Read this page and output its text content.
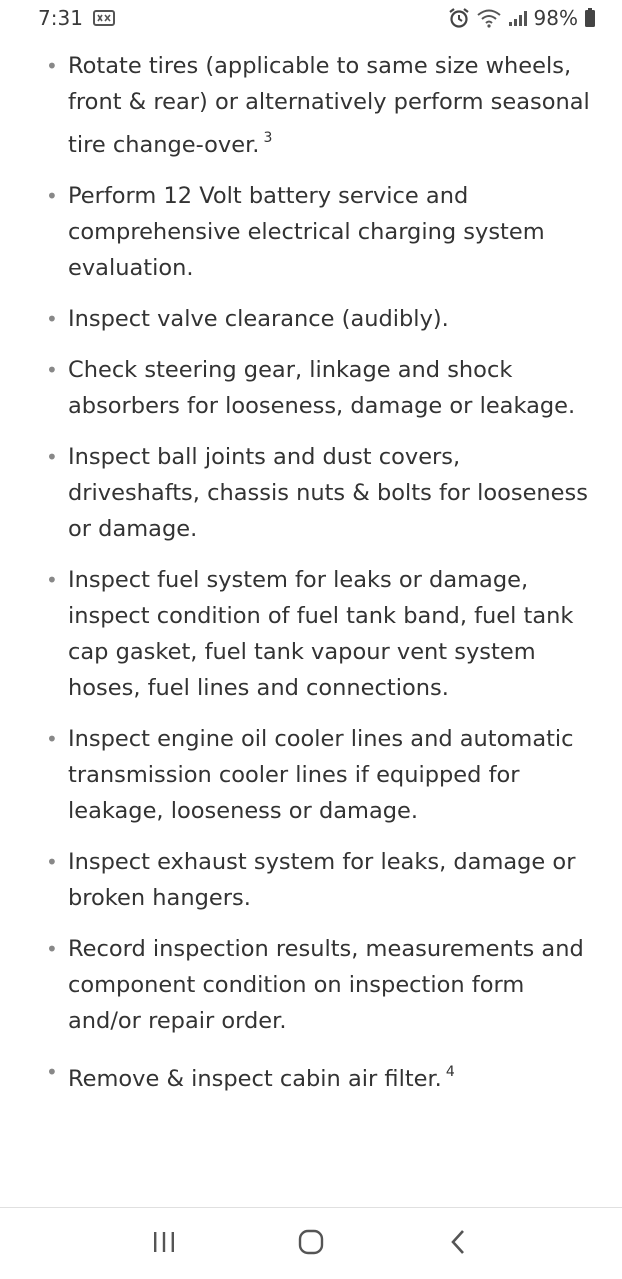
7:31	98%
• Rotate tires (applicable to same size wheels, front & rear) or alternatively perform seasonal tire change-over. $^3$
• Perform 12 Volt battery service and comprehensive electrical charging system evaluation.
• Inspect valve clearance (audibly).
• Check steering gear, linkage and shock absorbers for looseness, damage or leakage.
• Inspect ball joints and dust covers, driveshafts, chassis nuts & bolts for looseness or damage.
• Inspect fuel system for leaks or damage, inspect condition of fuel tank band, fuel tank cap gasket, fuel tank vapour vent system hoses, fuel lines and connections.
• Inspect engine oil cooler lines and automatic transmission cooler lines if equipped for leakage, looseness or damage.
• Inspect exhaust system for leaks, damage or broken hangers.
• Record inspection results, measurements and component condition on inspection form and/or repair order.
• Remove & inspect cabin air filter. $^4$
